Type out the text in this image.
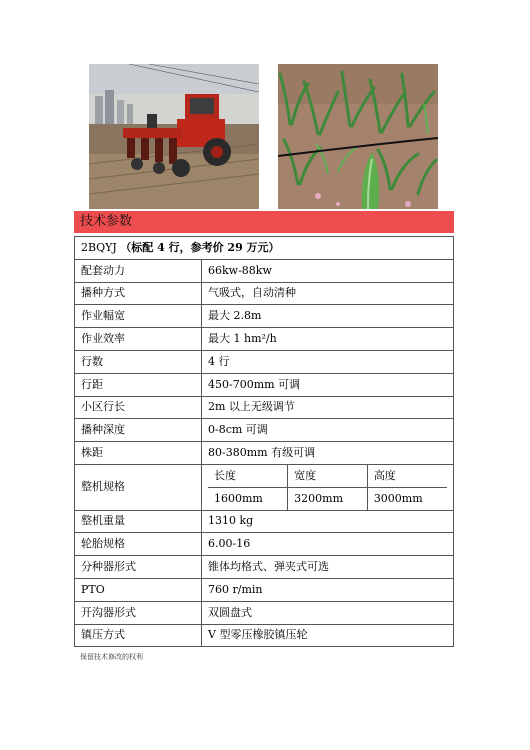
技术参数
2BQYJ （标配 4 行，参考价 29 万元）
配套动力	66kw-88kw
播种方式	气吸式，自动清种
作业幅宽	最大 2.8m
作业效率	最大 1 hm²/h
行数	4 行
行距	450-700mm 可调
小区行长	2m 以上无级调节
播种深度	0-8cm 可调
株距	80-380mm 有级可调
整机规格	
长度	宽度	高度
1600mm	3200mm	3000mm

整机重量	1310 kg
轮胎规格	6.00-16
分种器形式	锥体均格式、弹夹式可选
PTO	760 r/min
开沟器形式	双圆盘式
镇压方式	V 型零压橡胶镇压轮
保留技术修改的权利
